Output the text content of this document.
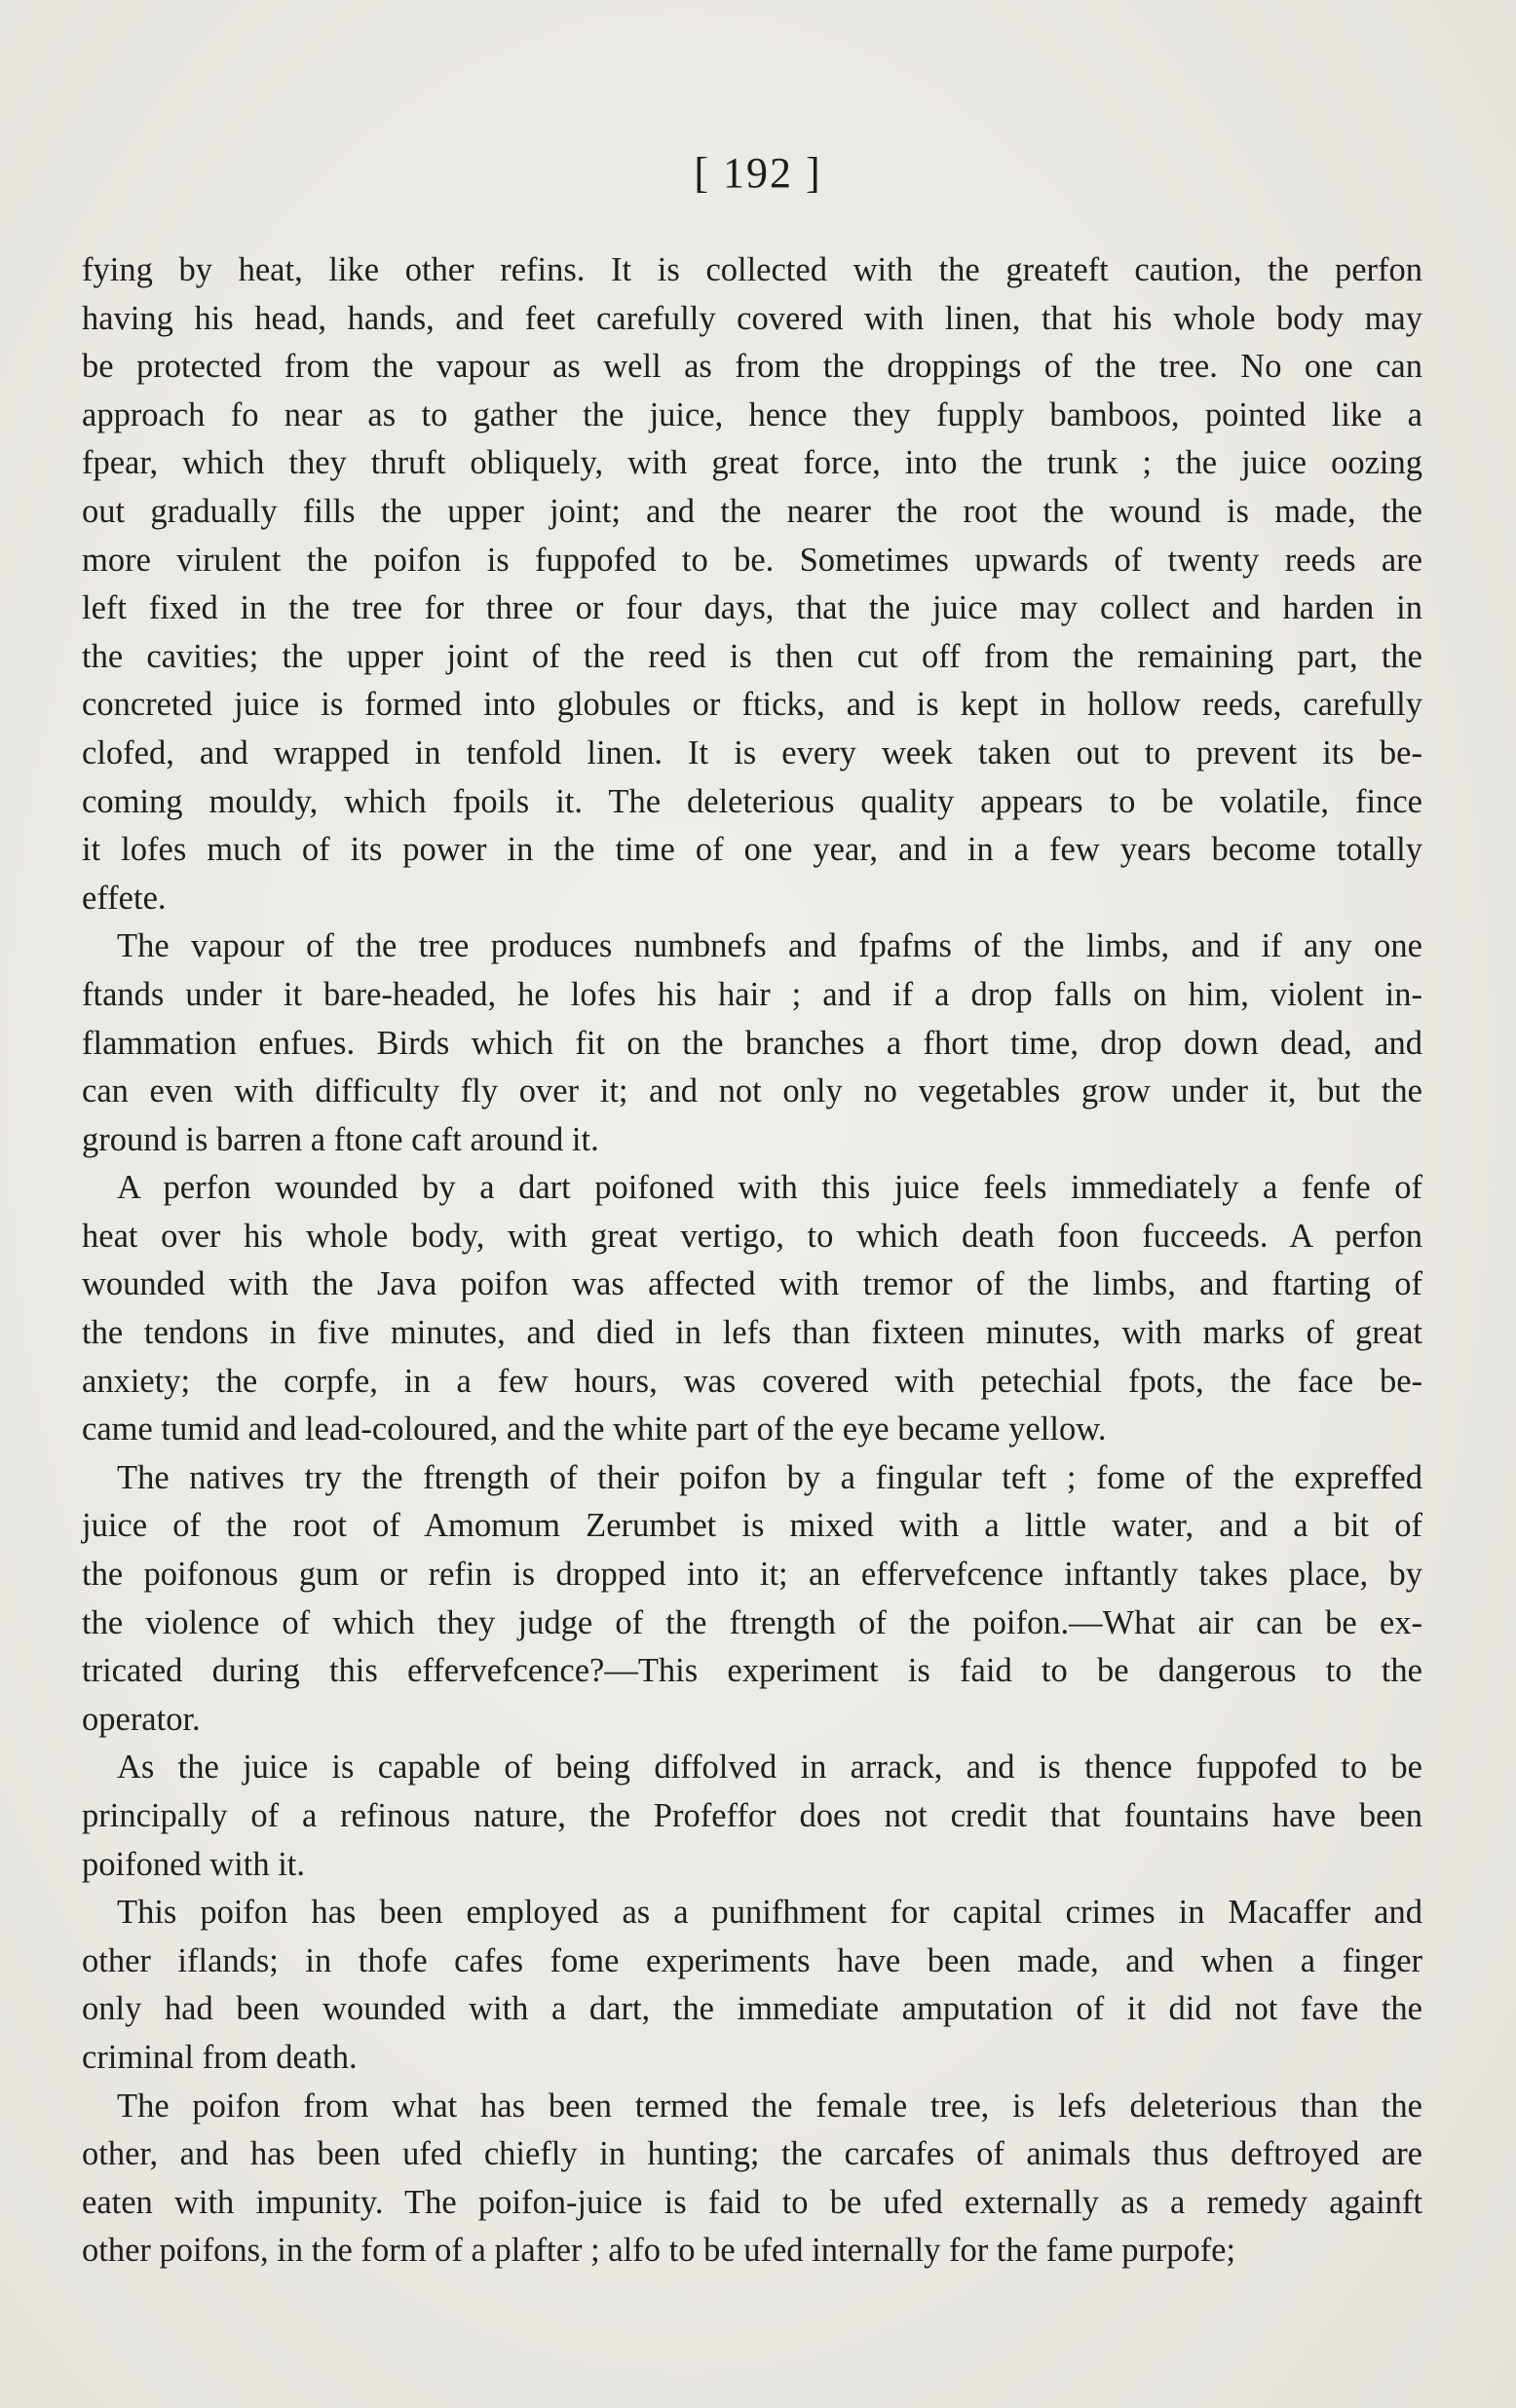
[ 192 ]
fying by heat, like other refins. It is collected with the greateft caution, the perfon
having his head, hands, and feet carefully covered with linen, that his whole body may
be protected from the vapour as well as from the droppings of the tree. No one can
approach fo near as to gather the juice, hence they fupply bamboos, pointed like a
fpear, which they thruft obliquely, with great force, into the trunk ; the juice oozing
out gradually fills the upper joint; and the nearer the root the wound is made, the
more virulent the poifon is fuppofed to be. Sometimes upwards of twenty reeds are
left fixed in the tree for three or four days, that the juice may collect and harden in
the cavities; the upper joint of the reed is then cut off from the remaining part, the
concreted juice is formed into globules or fticks, and is kept in hollow reeds, carefully
clofed, and wrapped in tenfold linen. It is every week taken out to prevent its be-
coming mouldy, which fpoils it. The deleterious quality appears to be volatile, fince
it lofes much of its power in the time of one year, and in a few years become totally
effete.
The vapour of the tree produces numbnefs and fpafms of the limbs, and if any one
ftands under it bare-headed, he lofes his hair ; and if a drop falls on him, violent in-
flammation enfues. Birds which fit on the branches a fhort time, drop down dead, and
can even with difficulty fly over it; and not only no vegetables grow under it, but the
ground is barren a ftone caft around it.
A perfon wounded by a dart poifoned with this juice feels immediately a fenfe of
heat over his whole body, with great vertigo, to which death foon fucceeds. A perfon
wounded with the Java poifon was affected with tremor of the limbs, and ftarting of
the tendons in five minutes, and died in lefs than fixteen minutes, with marks of great
anxiety; the corpfe, in a few hours, was covered with petechial fpots, the face be-
came tumid and lead-coloured, and the white part of the eye became yellow.
The natives try the ftrength of their poifon by a fingular teft ; fome of the expreffed
juice of the root of Amomum Zerumbet is mixed with a little water, and a bit of
the poifonous gum or refin is dropped into it; an effervefcence inftantly takes place, by
the violence of which they judge of the ftrength of the poifon.—What air can be ex-
tricated during this effervefcence?—This experiment is faid to be dangerous to the
operator.
As the juice is capable of being diffolved in arrack, and is thence fuppofed to be
principally of a refinous nature, the Profeffor does not credit that fountains have been
poifoned with it.
This poifon has been employed as a punifhment for capital crimes in Macaffer and
other iflands; in thofe cafes fome experiments have been made, and when a finger
only had been wounded with a dart, the immediate amputation of it did not fave the
criminal from death.
The poifon from what has been termed the female tree, is lefs deleterious than the
other, and has been ufed chiefly in hunting; the carcafes of animals thus deftroyed are
eaten with impunity. The poifon-juice is faid to be ufed externally as a remedy againft
other poifons, in the form of a plafter ; alfo to be ufed internally for the fame purpofe;
